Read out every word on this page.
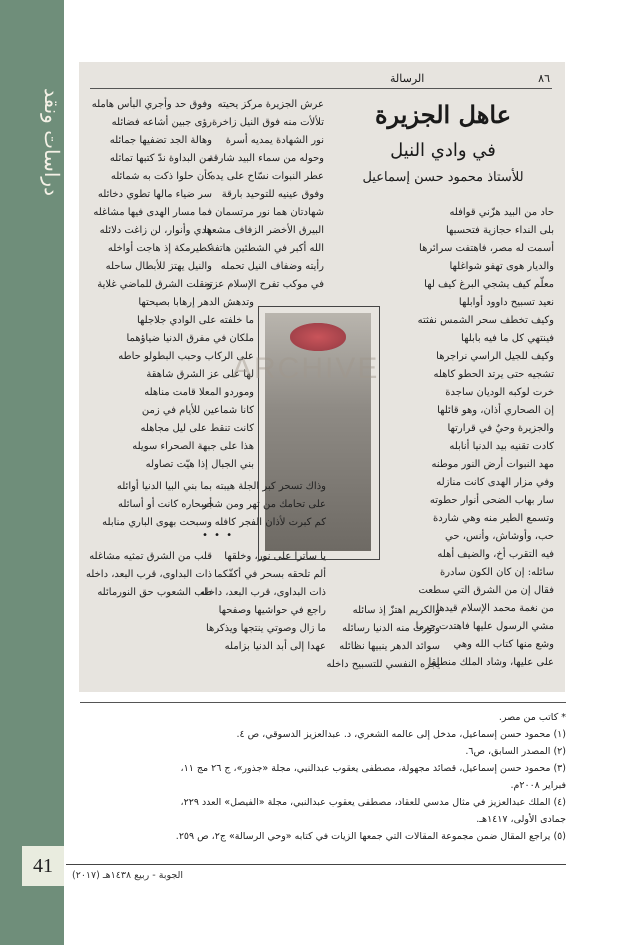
دراسات ونقد
41
الرسالة	٨٦
عاهل الجزيرة
في وادي النيل
للأستاذ محمود حسن إسماعيل
حاد من البيد هزّني قوافله
بلى النداء حجازية فتحسبها
أسمت له مصر، فاهتفت سرائرها
والديار هوى تهفو شواغلها
معلّم كيف يشجي البرغ كيف لها
نعيد تسبيح داوود أوابلها
وكيف تخطف سحر الشمس نفثته
فينتهي كل ما فيه بابلها
وكيف للجيل الراسي نراجرها
تشجيه حتى يرتد الحطو كاهله
خرت لوكبه الوديان ساجدة
إن الصحاري أذان، وهو قائلها
والجزيرة وحيٌ في قرارتها
كادت تقنيه بيد الدنيا أنابله
مهد النبوات أرض النور موطنه
وفي مزار الهدى كانت منازله
سار بهاب الضحى أنوار حطوته
وتسمع الطير منه وهي شاردة
حب، وأوشاش، وأنس، حي
فيه التقرب أخ، والضيف أهله
سائله: إن كان الكون سادرة
فقال إن من الشرق التي سطعت
من نغمة محمد الإسلام قيدها
مشي الرسول عليها فاهتدت حرما
وشع منها كتاب الله وهي
على عليها، وشاد الملك منطلقا
عرش الجزيرة مركز يحيته
تلألأت منه فوق النيل زاخرة
نور الشهادة يمديه أسرة
وحوله من سماء البيد شارقة
عطر النبوات نسّاح على يده
وفوق عينيه للتوحيد بارقة
شهادتان هما نور مرتسمان
البيرق الأخضر الزفاف مشعها
الله أكبر في الشطئين هاتفة
رأيته وضفاف النيل تحمله
في موكب تفرح الإسلام عزته
وفوق حد وأجري البأس هامله
رؤى جبين أشاعه فضائله
وهالة الجد تضفيها جمائله
من البداوة ندّ كتبها تماثله
كأن حلوا ذكت به شمائله
سر ضياء مالها تطوي دخائله
فما مسار الهدى فيها مشاغله
هدي وأنوار، لن زاغت دلائله
كطيرمكة إذ هاجت أواخله
والنيل يهتز للأبطال ساحله
ونقلت الشرق للماضي غلاية
وتدهش الدهر إرهابا بصيحتها
ما خلفته على الوادي جلاجلها
ملكان في مفرق الدنيا ضياؤهما
على الركاب وحبب البطولو حاطه
لها على عز الشرق شاهقة
وموردو المعلا قامت مناهله
كانا شماعين للأيام في زمن
كانت تنقط على ليل مجاهله
هذا على جبهة الصحراء سويله
بني الجبال إذا هيّت تصاوله
ARCHIVE
وذاك تسحر كبر الجلة هيبته
على تحامك من تهر ومن شجر
كم كبرت لأذان الفجر كافله
بما بني البيا الدنيا أوائله
أسحاره كانت أو أسائله
وسبحت بهوى الباري منابله
• • •
يا ساترا على نور، وخلقها
ألم تلحقه بسحر في أكفّكما
ذات البداوى، قرب البعد، داخله
راجع في حواشيها وصفحها
ما زال وصوتي ينتجها ويذكرها
عهدا إلى أبد الدنيا بزامله
قلب من الشرق تمثيه مشاغله
ذات البداوى، قرب البعد، داخله
طب الشعوب حق النورمائله
والكريم اهتزّ إذ سائله
وتورث منه الدنيا رسائله
سوائد الدهر ينبيها نظائله
يجره النفسي للتسبيح داخله
* كاتب من مصر.
(١) محمود حسن إسماعيل، مدخل إلى عالمه الشعري، د. عبدالعزيز الدسوقي، ص ٤.
(٢) المصدر السابق، ص٦.
(٣) محمود حسن إسماعيل، قصائد مجهولة، مصطفى يعقوب عبدالنبي، مجلة «جذور»، ج ٢٦ مج ١١،
فبراير ٢٠٠٨م.
(٤) الملك عبدالعزيز في مثال مدسي للعقاد، مصطفى يعقوب عبدالنبي، مجلة «الفيصل» العدد ٢٢٩،
جمادى الأولى، ١٤١٧هـ.
(٥) يراجع المقال ضمن مجموعة المقالات التي جمعها الزيات في كتابه «وحي الرسالة» ج٢، ص ٢٥٩.
الجوبة - ربيع ١٤٣٨هـ (٢٠١٧)
